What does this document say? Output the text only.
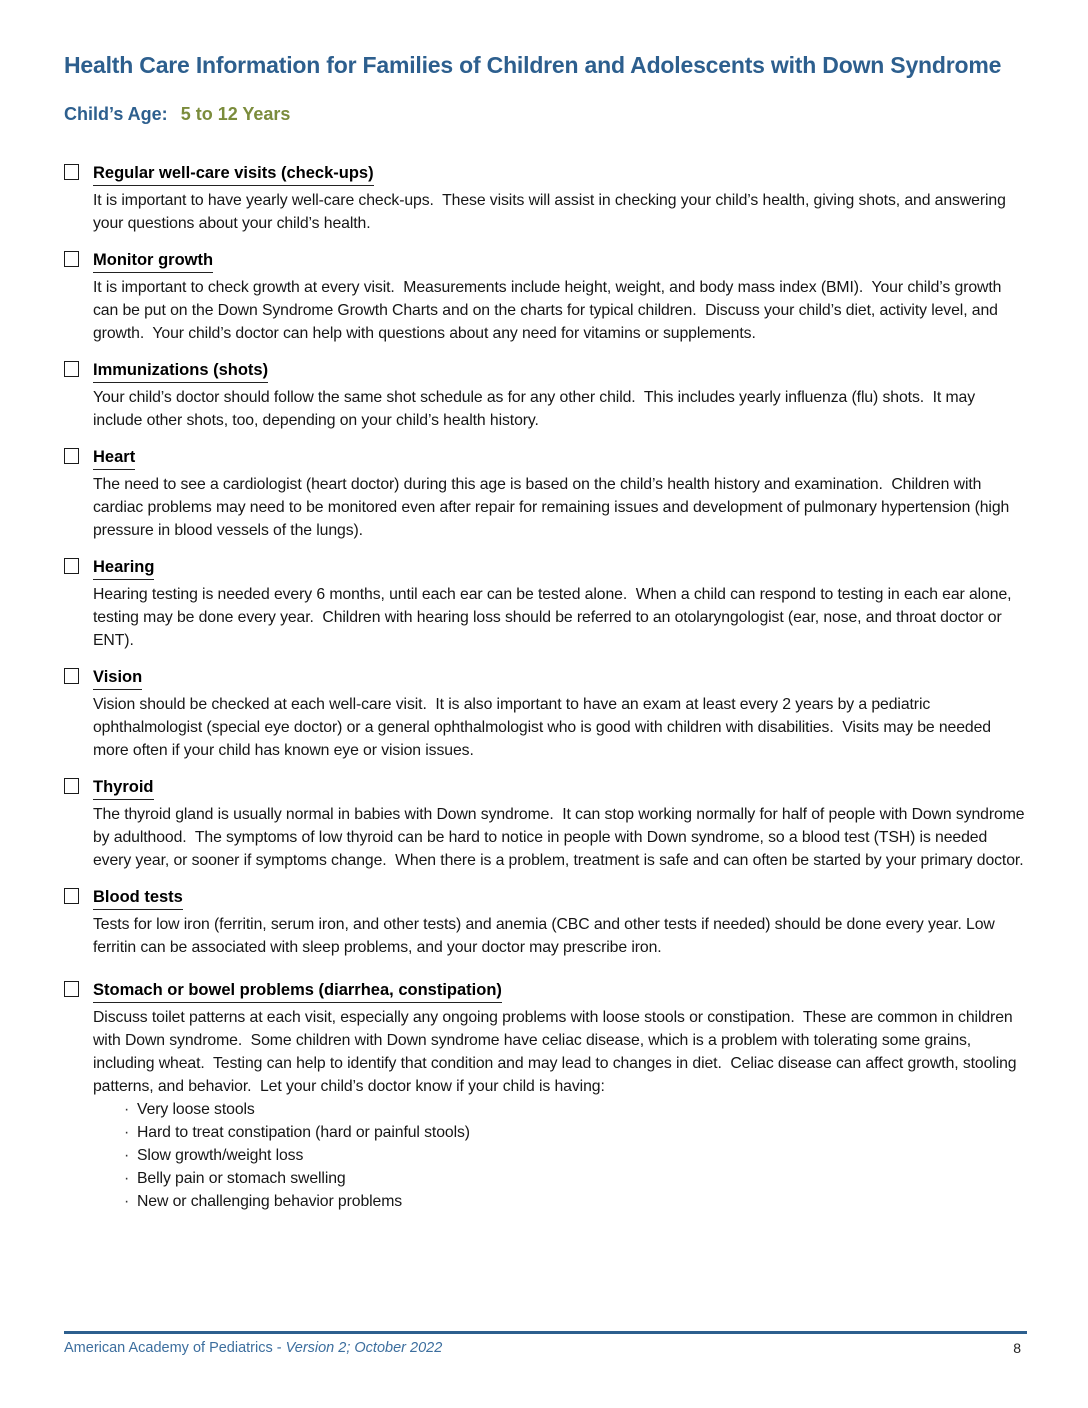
Health Care Information for Families of Children and Adolescents with Down Syndrome
Child’s Age: 5 to 12 Years
Regular well-care visits (check-ups)

It is important to have yearly well-care check-ups.  These visits will assist in checking your child’s health, giving shots, and answering your questions about your child’s health.

Monitor growth

It is important to check growth at every visit.  Measurements include height, weight, and body mass index (BMI).  Your child’s growth can be put on the Down Syndrome Growth Charts and on the charts for typical children.  Discuss your child’s diet, activity level, and growth.  Your child’s doctor can help with questions about any need for vitamins or supplements.

Immunizations (shots)

Your child’s doctor should follow the same shot schedule as for any other child.  This includes yearly influenza (flu) shots.  It may include other shots, too, depending on your child’s health history.

Heart

The need to see a cardiologist (heart doctor) during this age is based on the child’s health history and examination.  Children with cardiac problems may need to be monitored even after repair for remaining issues and development of pulmonary hypertension (high pressure in blood vessels of the lungs).

Hearing

Hearing testing is needed every 6 months, until each ear can be tested alone.  When a child can respond to testing in each ear alone, testing may be done every year.  Children with hearing loss should be referred to an otolaryngologist (ear, nose, and throat doctor or ENT).

Vision

Vision should be checked at each well-care visit.  It is also important to have an exam at least every 2 years by a pediatric ophthalmologist (special eye doctor) or a general ophthalmologist who is good with children with disabilities.  Visits may be needed more often if your child has known eye or vision issues.

Thyroid

The thyroid gland is usually normal in babies with Down syndrome.  It can stop working normally for half of people with Down syndrome by adulthood.  The symptoms of low thyroid can be hard to notice in people with Down syndrome, so a blood test (TSH) is needed every year, or sooner if symptoms change.  When there is a problem, treatment is safe and can often be started by your primary doctor.

Blood tests

Tests for low iron (ferritin, serum iron, and other tests) and anemia (CBC and other tests if needed) should be done every year. Low ferritin can be associated with sleep problems, and your doctor may prescribe iron.

Stomach or bowel problems (diarrhea, constipation)

Discuss toilet patterns at each visit, especially any ongoing problems with loose stools or constipation.  These are common in children with Down syndrome.  Some children with Down syndrome have celiac disease, which is a problem with tolerating some grains, including wheat.  Testing can help to identify that condition and may lead to changes in diet.  Celiac disease can affect growth, stooling patterns, and behavior.  Let your child’s doctor know if your child is having:

· Very loose stools
· Hard to treat constipation (hard or painful stools)
· Slow growth/weight loss
· Belly pain or stomach swelling
· New or challenging behavior problems
American Academy of Pediatrics - Version 2; October 2022	8
